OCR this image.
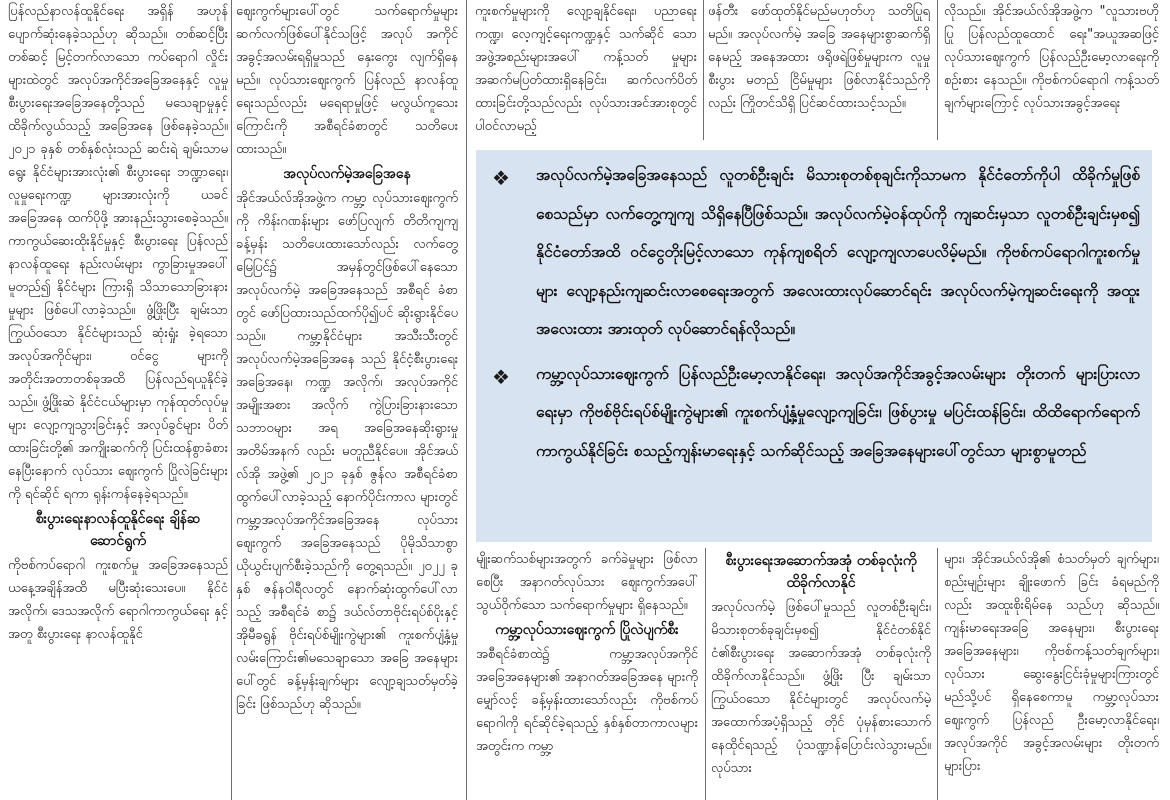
ပြန်လည်နာလန်ထူနိုင်ရေး အရှိန် အဟုန် ပျောက်ဆုံးနေခဲ့သည်ဟု ဆိုသည်။ တစ်ဆင့်ပြီးတစ်ဆင့် မြင့်တက်လာသော ကပ်ရောဂါ လှိုင်းများထဲတွင် အလုပ်အကိုင်အခြေအနေနှင့် လူမှုစီးပွားရေးအခြေအနေတို့သည် မသေချာမှုနှင့် ထိခိုက်လွယ်သည့် အခြေအနေ ဖြစ်နေခဲ့သည်။ ၂၀၂၁ ခုနှစ် တစ်နှစ်လုံးသည် ဆင်းရဲ ချမ်းသာမရွေး နိုင်ငံများအားလုံး၏ စီးပွားရေး ဘဏ္ဍာရေး၊ လူမှုရေးကဏ္ဍ များအားလုံးကို ယခင်အခြေအနေ ထက်ပိုဖို့ အားနည်းသွားစေခဲ့သည်။ ကာကွယ်ဆေးထိုးနိုင်မှုနှင့် စီးပွားရေး ပြန်လည်နာလန်ထူရေး နည်းလမ်းများ ကွာခြားမှုအပေါ်မူတည်၍ နိုင်ငံများ ကြားရှိ သိသာသောခြားနားမှုများ ဖြစ်ပေါ်လာခဲ့သည်။ ဖွံ့ဖြိုးပြီး ချမ်းသာ ကြွယ်ဝသော နိုင်ငံများသည် ဆုံးရှုံး ခဲ့ရသော အလုပ်အကိုင်များ၊ ဝင်ငွေ များကို အတိုင်းအတာတစ်ခုအထိ ပြန်လည်ရယူနိုင်ခဲ့သည်။ ဖွံ့ဖြိုးဆဲ နိုင်ငံငယ်များမှာ ကုန်ထုတ်လုပ်မှုများ လျော့ကျသွားခြင်းနှင့် အလုပ်ခွင်များ ပိတ်ထားခြင်းတို့၏ အကျိုးဆက်ကို ပြင်းထန်စွာခံစားနေပြီးနောက် လုပ်သား ဈေးကွက် ပြိုလဲခြင်းများကို ရင်ဆိုင် ရကာ ရုန်းကန်နေခဲ့ရသည်။

စီးပွားရေးနာလန်ထူနိုင်ရေး ချိန်ဆဆောင်ရွက်

ကိုဗစ်ကပ်ရောဂါ ကူးစက်မှု အခြေအနေသည် ယနေ့အချိန်အထိ မပြီးဆုံးသေးပေ။ နိုင်ငံအလိုက်၊ ဒေသအလိုက် ရောဂါကာကွယ်ရေး နှင့်အတူ စီးပွားရေး နာလန်ထူနိုင်

ဈေးကွက်များပေါ်တွင် သက်ရောက်မှုများ ဆက်လက်ဖြစ်ပေါ်နိုင်သဖြင့် အလုပ် အကိုင်အခွင့်အလမ်းရရှိမှုသည် နှေးကွေး လျက်ရှိနေမည်။ လုပ်သားဈေးကွက် ပြန်လည် နာလန်ထူရေးသည်လည်း မရေရာမှုဖြင့် မလွယ်ကူသေးကြောင်းကို အစီရင်ခံစာတွင် သတိပေးထားသည်။

အလုပ်လက်မဲ့အခြေအနေ

အိုင်အယ်လ်အိုအဖွဲ့က ကမ္ဘာ့ လုပ်သားဈေးကွက်ကို ကိန်းဂဏန်းများ ဖော်ပြလျက် တိတိကျကျ ခန့်မှန်း သတိပေးထားသော်လည်း လက်တွေ့ မြေပြင်၌ အမှန်တွင်ဖြစ်ပေါ်နေသော အလုပ်လက်မဲ့ အခြေအနေသည် အစီရင် ခံစာတွင် ဖော်ပြထားသည်ထက်ပို၍ပင် ဆိုးရွားနိုင်ပေသည်။ ကမ္ဘာ့နိုင်ငံများ အသီးသီးတွင် အလုပ်လက်မဲ့အခြေအနေ သည် နိုင်ငံ့စီးပွားရေးအခြေအနေ၊ ကဏ္ဍ အလိုက်၊ အလုပ်အကိုင် အမျိုးအစား အလိုက် ကွဲပြားခြားနားသော သဘာဝများ အရ အခြေအနေဆိုးရွားမှု အတိမ်အနက် လည်း မတူညီနိုင်ပေ။ အိုင်အယ်လ်အို အဖွဲ့၏ ၂၀၂၁ ခုနှစ် ဇွန်လ အစီရင်ခံစာ ထွက်ပေါ်လာခဲ့သည့် နောက်ပိုင်းကာလ များတွင် ကမ္ဘာ့အလုပ်အကိုင်အခြေအနေ လုပ်သားဈေးကွက် အခြေအနေသည် ပိုမိုသိသာစွာ ယိုယွင်းပျက်စီးခဲ့သည်ကို တွေ့ရသည်။ ၂၀၂၂ ခုနှစ် ဇန်နဝါရီလတွင် နောက်ဆုံးထွက်ပေါ်လာသည့် အစီရင်ခံ စာ၌ ဒယ်လ်တာဗိုင်းရပ်စ်ပိုးနှင့် အိုမီခရွန် ဗိုင်းရပ်စ်မျိုးကွဲများ၏ ကူးစက်ပျံ့နှံ့မှု လမ်းကြောင်း၏မသေချာသော အခြေ အနေများပေါ်တွင် ခန့်မှန်းချက်များ လျော့ချသတ်မှတ်ခဲ့ခြင်း ဖြစ်သည်ဟု ဆိုသည်။

ကူးစက်မှုများကို လျော့ချနိုင်ရေး၊ ပညာရေး ကဏ္ဍ၊ လေ့ကျင့်ရေးကဏ္ဍနှင့် သက်ဆိုင် သော အဖွဲ့အစည်းများအပေါ် ကန့်သတ် မှုများ အဆက်မပြတ်ထားရှိနေခြင်း၊ ဆက်လက်ပိတ်ထားခြင်းတို့သည်လည်း လုပ်သားအင်အားစုတွင် ပါဝင်လာမည့်

ဖန်တီး ဖော်ထုတ်နိုင်မည်မဟုတ်ဟု သတိပြုရမည်။ အလုပ်လက်မဲ့ အခြေ အနေများစွာဆက်ရှိနေမည့် အနေအထား ဖရိုဖရဲဖြစ်မှုများက လူမှုစီးပွား မတည် ငြိမ်မှုများ ဖြစ်လာနိုင်သည်ကိုလည်း ကြိုတင်သိရှိ ပြင်ဆင်ထားသင့်သည်။

လိုသည်။ အိုင်အယ်လ်အိုအဖွဲ့က "လူသားဗဟိုပြု ပြန်လည်ထူထောင် ရေး"အယူအဆဖြင့် လုပ်သားဈေးကွက် ပြန်လည်ဦးမော့လာရေးကို စဉ်းစား နေသည်။ ကိုဗစ်ကပ်ရောဂါ ကန့်သတ် ချက်များကြောင့် လုပ်သားအခွင့်အရေး

❖	အလုပ်လက်မဲ့အခြေအနေသည် လူတစ်ဦးချင်း မိသားစုတစ်စုချင်းကိုသာမက နိုင်ငံတော်ကိုပါ ထိခိုက်မှုဖြစ်စေသည်မှာ လက်တွေ့ကျကျ သိရှိနေပြီဖြစ်သည်။ အလုပ်လက်မဲ့ဝန်ထုပ်ကို ကျဆင်းမှသာ လူတစ်ဦးချင်းမှစ၍ နိုင်ငံတော်အထိ ဝင်ငွေတိုးမြင့်လာသော ကုန်ကျစရိတ် လျော့ကျလာပေလိမ့်မည်။ ကိုဗစ်ကပ်ရောဂါကူးစက်မှုများ လျော့နည်းကျဆင်းလာစေရေးအတွက် အလေးထားလုပ်ဆောင်ရင်း အလုပ်လက်မဲ့ကျဆင်းရေးကို အထူးအလေးထား အားထုတ် လုပ်ဆောင်ရန်လိုသည်။
❖	ကမ္ဘာ့လုပ်သားဈေးကွက် ပြန်လည်ဦးမော့လာနိုင်ရေး၊ အလုပ်အကိုင်အခွင့်အလမ်းများ တိုးတက် များပြားလာရေးမှာ ကိုဗစ်ဗိုင်းရပ်စ်မျိုးကွဲများ၏ ကူးစက်ပျံ့နှံ့မှုလျော့ကျခြင်း၊ ဖြစ်ပွားမှု မပြင်းထန်ခြင်း၊ ထိထိရောက်ရောက် ကာကွယ်နိုင်ခြင်း စသည့်ကျန်းမာရေးနှင့် သက်ဆိုင်သည့် အခြေအနေများပေါ်တွင်သာ များစွာမူတည်

မျိုးဆက်သစ်များအတွက် ခက်ခဲမှုများ ဖြစ်လာစေပြီး အနာဂတ်လုပ်သား ဈေးကွက်အပေါ် သွယ်ဝိုက်သော သက်ရောက်မှုများ ရှိနေသည်။

ကမ္ဘာ့လုပ်သားဈေးကွက် ပြိုလဲပျက်စီး

အစီရင်ခံစာထဲ၌ ကမ္ဘာ့အလုပ်အကိုင် အခြေအနေများ၏ အနာဂတ်အခြေအနေ များကို မျှော်လင့် ခန့်မှန်းထားသော်လည်း ကိုဗစ်ကပ်ရောဂါကို ရင်ဆိုင်ခဲ့ရသည့် နှစ်နှစ်တာကာလများအတွင်းက ကမ္ဘာ့

စီးပွားရေးအဆောက်အအုံ တစ်ခုလုံးကို ထိခိုက်လာနိုင်

အလုပ်လက်မဲ့ ဖြစ်ပေါ်မှုသည် လူတစ်ဦးချင်း၊ မိသားစုတစ်ခုချင်းမှစ၍ နိုင်ငံတစ်နိုင်ငံ၏စီးပွားရေး အဆောက်အအုံ တစ်ခုလုံးကို ထိခိုက်လာနိုင်သည်။ ဖွံ့ဖြိုး ပြီး ချမ်းသာကြွယ်ဝသော နိုင်ငံများတွင် အလုပ်လက်မဲ့ အထောက်အပံ့ရှိသည့် တိုင် ပုံမှန်စားသောက်နေထိုင်ရသည့် ပုံသဏ္ဍာန်ပြောင်းလဲသွားမည်။ လုပ်သား

များ၊ အိုင်အယ်လ်အို၏ စံသတ်မှတ် ချက်များ၊ စည်းမျဉ်းများ ချိုးဖောက် ခြင်း ခံရမည်ကိုလည်း အထူးစိုးရိမ်နေ သည်ဟု ဆိုသည်။ ကျန်းမာရေးအခြေ အနေများ၊ စီးပွားရေးအခြေအနေများ၊ ကိုဗစ်ကန့်သတ်ချက်များ၊ လုပ်သား ဆွေးနွေးငြင်းခုံမှုများကြားတွင် မည်သို့ပင် ရှိနေစေကာမူ ကမ္ဘာ့လုပ်သားဈေးကွက် ပြန်လည် ဦးမော့လာနိုင်ရေး၊ အလုပ်အကိုင် အခွင့်အလမ်းများ တိုးတက်များပြား
